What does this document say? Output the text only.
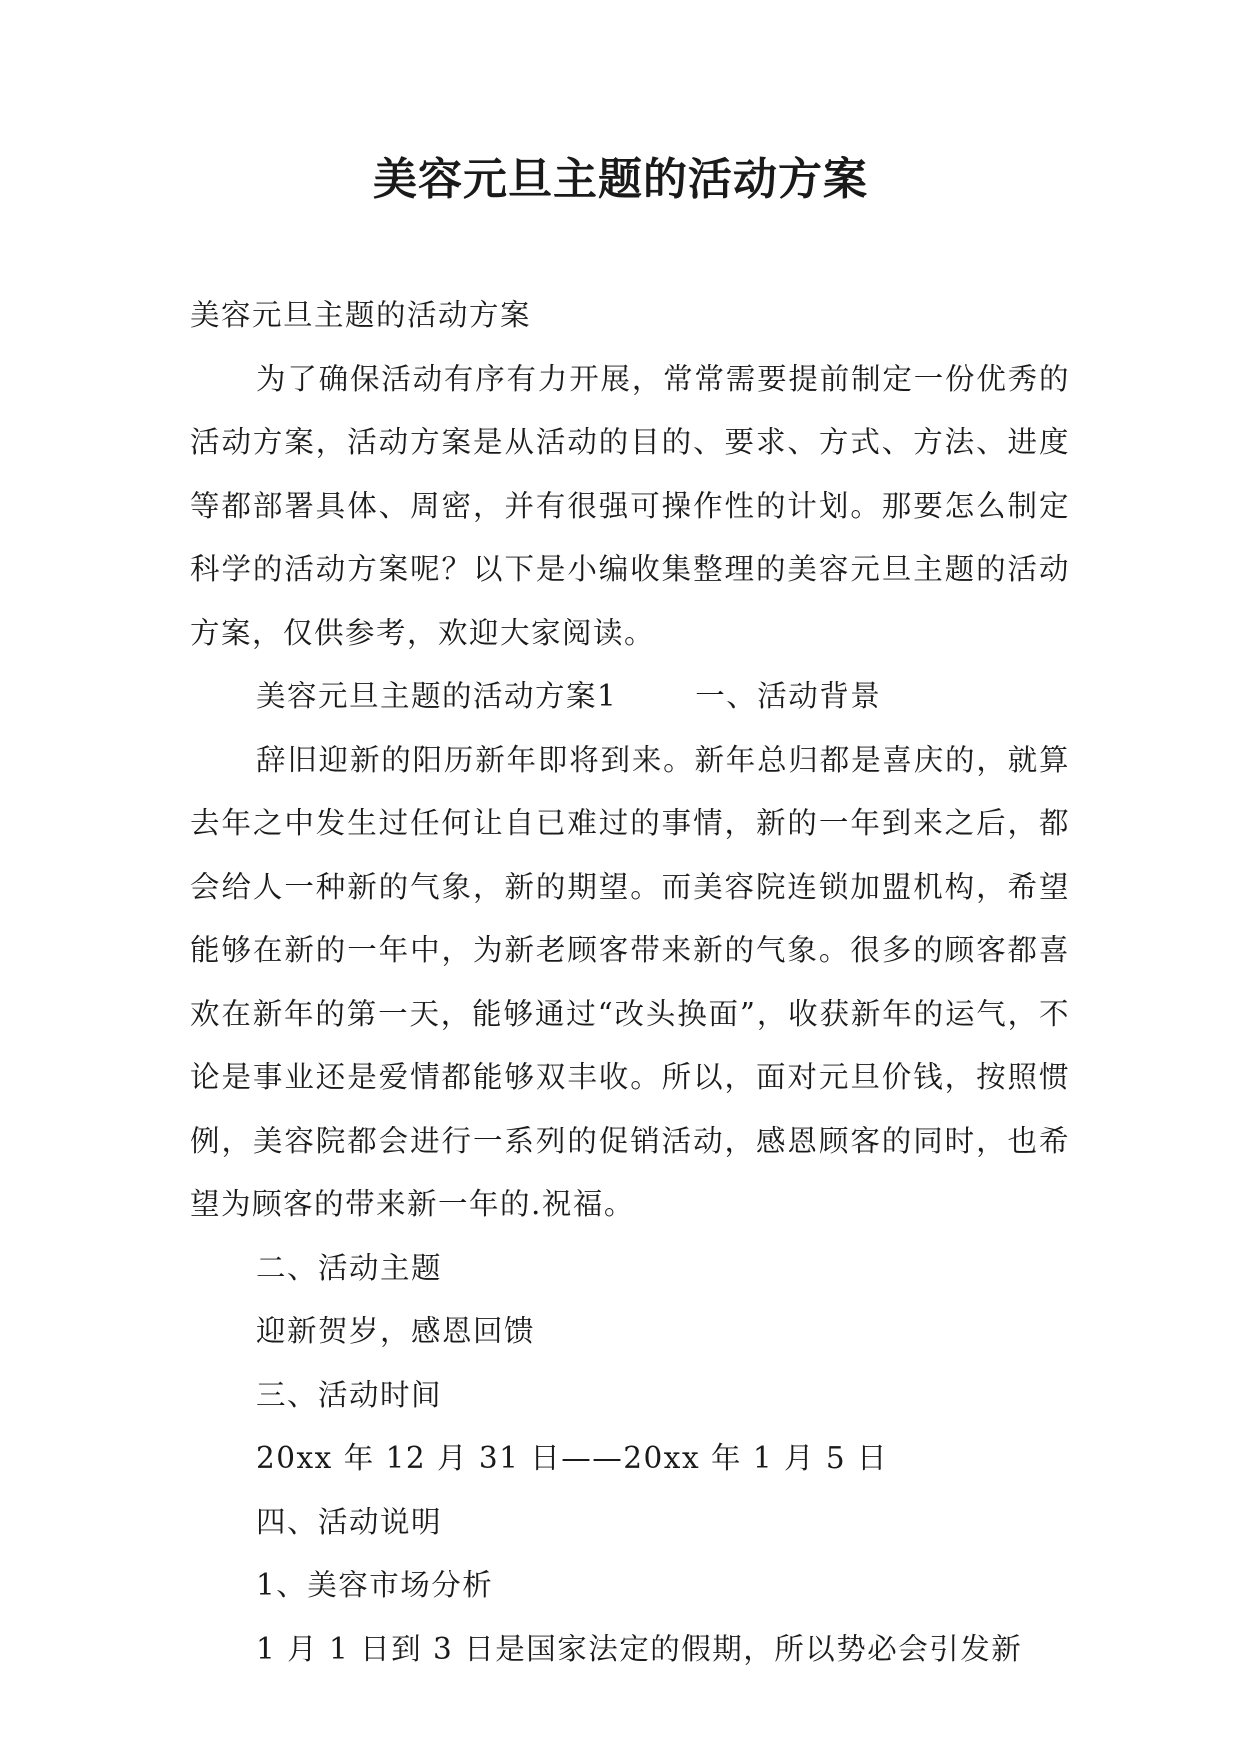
美容元旦主题的活动方案

美容元旦主题的活动方案

为了确保活动有序有力开展，常常需要提前制定一份优秀的活动方案，活动方案是从活动的目的、要求、方式、方法、进度等都部署具体、周密，并有很强可操作性的计划。那要怎么制定科学的活动方案呢？以下是小编收集整理的美容元旦主题的活动方案，仅供参考，欢迎大家阅读。

美容元旦主题的活动方案1	一、活动背景

辞旧迎新的阳历新年即将到来。新年总归都是喜庆的，就算去年之中发生过任何让自已难过的事情，新的一年到来之后，都会给人一种新的气象，新的期望。而美容院连锁加盟机构，希望能够在新的一年中，为新老顾客带来新的气象。很多的顾客都喜欢在新年的第一天，能够通过“改头换面”，收获新年的运气，不论是事业还是爱情都能够双丰收。所以，面对元旦价钱，按照惯例，美容院都会进行一系列的促销活动，感恩顾客的同时，也希望为顾客的带来新一年的.祝福。

二、活动主题

迎新贺岁，感恩回馈

三、活动时间

20xx 年 12 月 31 日——20xx 年 1 月 5 日

四、活动说明

1、美容市场分析

1 月 1 日到 3 日是国家法定的假期，所以势必会引发新
